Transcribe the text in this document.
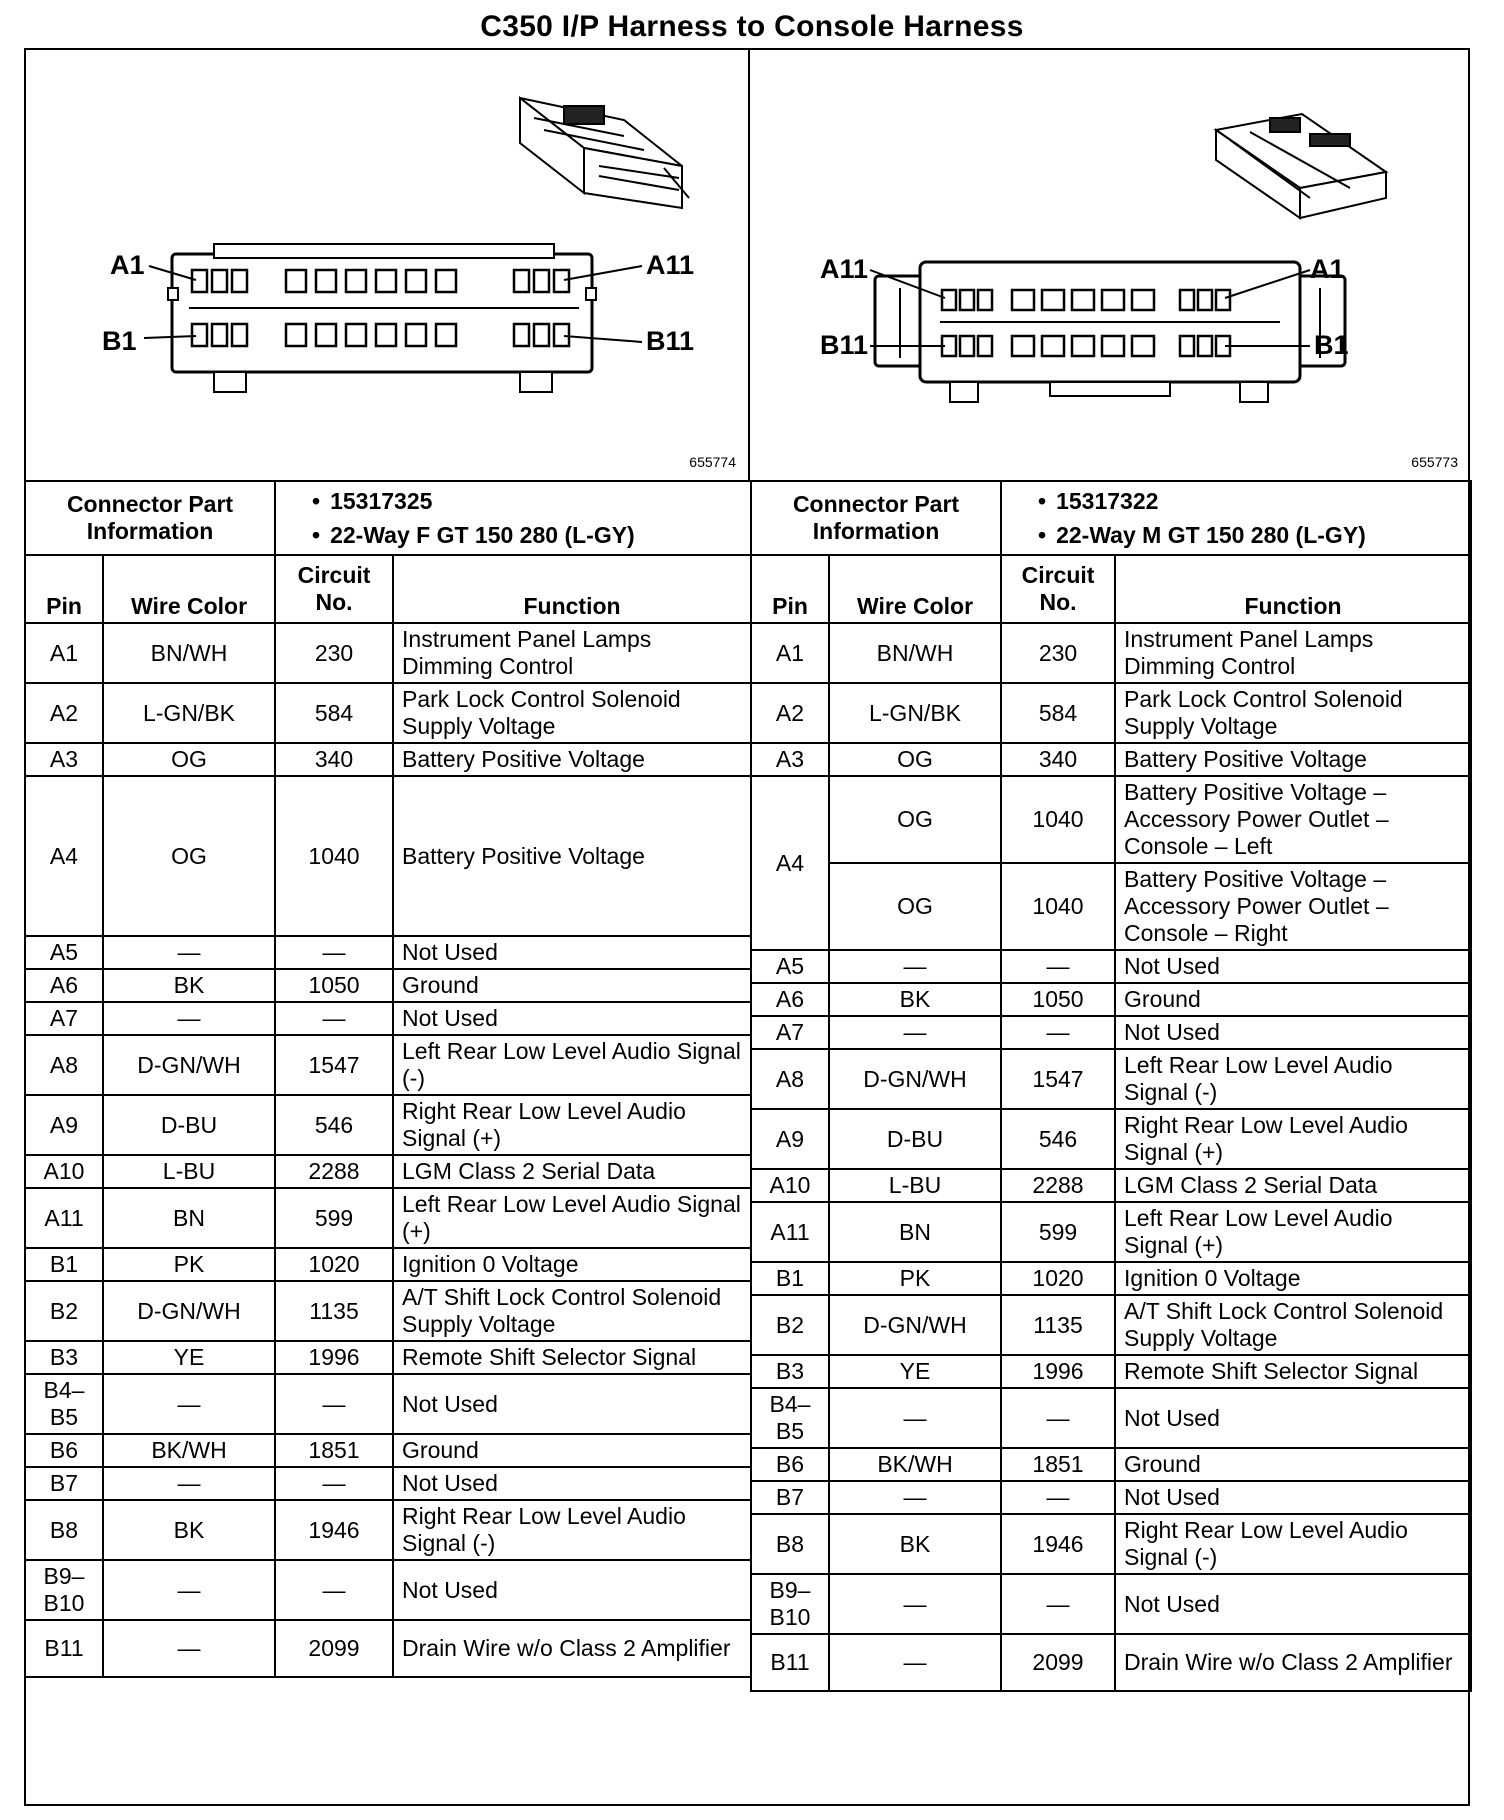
C350 I/P Harness to Console Harness
A1	A11
B1	B11
655774
A11	A1
B11	B1
655773
Connector Part Information		• 15317325
• 22-Way F GT 150 280 (L-GY)

Pin	Wire Color	Circuit No.	Function
A1	BN/WH	230	Instrument Panel Lamps Dimming Control
A2	L-GN/BK	584	Park Lock Control Solenoid Supply Voltage
A3	OG	340	Battery Positive Voltage
A4	OG	1040	Battery Positive Voltage
A5	—	—	Not Used
A6	BK	1050	Ground
A7	—	—	Not Used
A8	D-GN/WH	1547	Left Rear Low Level Audio Signal (-)
A9	D-BU	546	Right Rear Low Level Audio Signal (+)
A10	L-BU	2288	LGM Class 2 Serial Data
A11	BN	599	Left Rear Low Level Audio Signal (+)
B1	PK	1020	Ignition 0 Voltage
B2	D-GN/WH	1135	A/T Shift Lock Control Solenoid Supply Voltage
B3	YE	1996	Remote Shift Selector Signal
B4–
B5	—	—	Not Used
B6	BK/WH	1851	Ground
B7	—	—	Not Used
B8	BK	1946	Right Rear Low Level Audio Signal (-)
B9–
B10	—	—	Not Used
B11	—	2099	Drain Wire w/o Class 2 Amplifier
Connector Part Information		• 15317322
• 22-Way M GT 150 280 (L-GY)

Pin	Wire Color	Circuit No.	Function
A1	BN/WH	230	Instrument Panel Lamps Dimming Control
A2	L-GN/BK	584	Park Lock Control Solenoid Supply Voltage
A3	OG	340	Battery Positive Voltage
A4	OG	1040	Battery Positive Voltage – Accessory Power Outlet – Console – Left
	OG	1040	Battery Positive Voltage – Accessory Power Outlet – Console – Right
A5	—	—	Not Used
A6	BK	1050	Ground
A7	—	—	Not Used
A8	D-GN/WH	1547	Left Rear Low Level Audio Signal (-)
A9	D-BU	546	Right Rear Low Level Audio Signal (+)
A10	L-BU	2288	LGM Class 2 Serial Data
A11	BN	599	Left Rear Low Level Audio Signal (+)
B1	PK	1020	Ignition 0 Voltage
B2	D-GN/WH	1135	A/T Shift Lock Control Solenoid Supply Voltage
B3	YE	1996	Remote Shift Selector Signal
B4–
B5	—	—	Not Used
B6	BK/WH	1851	Ground
B7	—	—	Not Used
B8	BK	1946	Right Rear Low Level Audio Signal (-)
B9–
B10	—	—	Not Used
B11	—	2099	Drain Wire w/o Class 2 Amplifier
